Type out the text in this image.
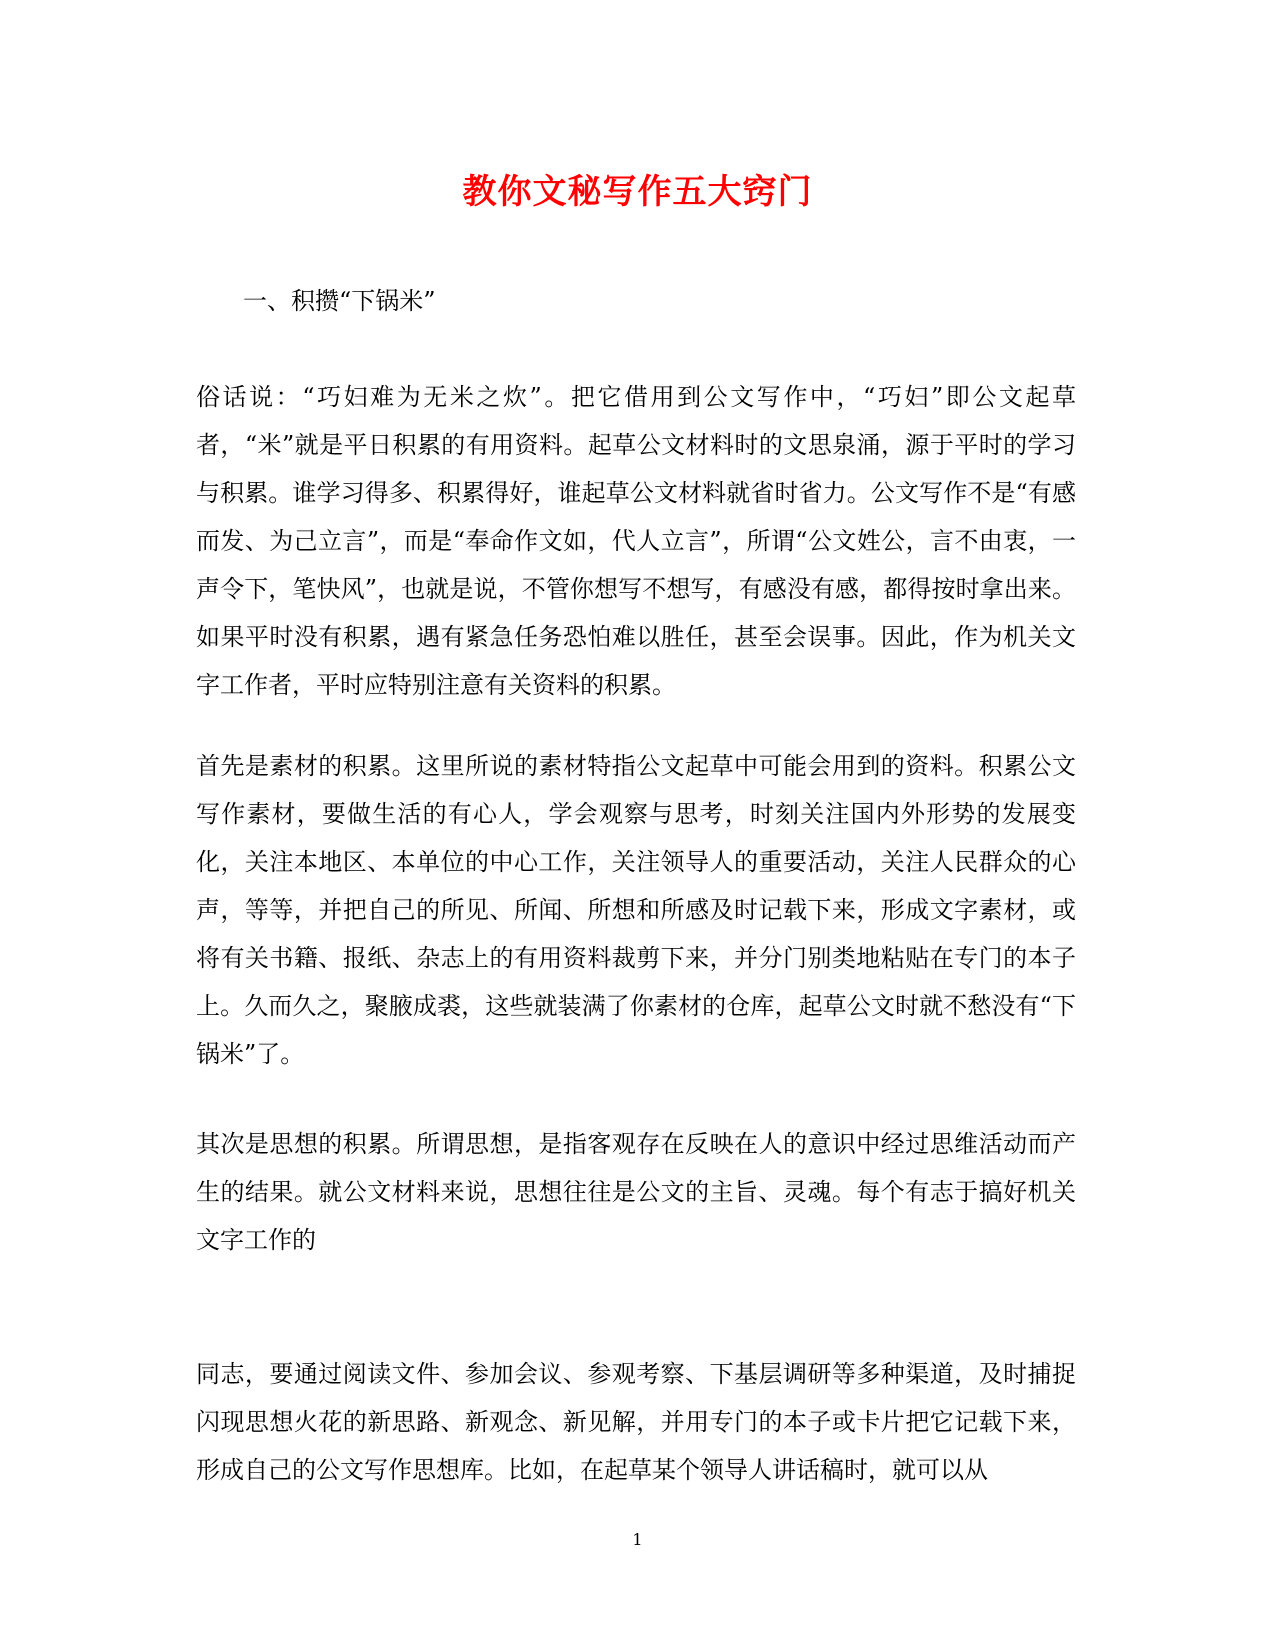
教你文秘写作五大窍门
一、积攒“下锅米”

俗话说：“巧妇难为无米之炊”。把它借用到公文写作中，“巧妇”即公文起草者，“米”就是平日积累的有用资料。起草公文材料时的文思泉涌，源于平时的学习与积累。谁学习得多、积累得好，谁起草公文材料就省时省力。公文写作不是“有感而发、为己立言”，而是“奉命作文如，代人立言”，所谓“公文姓公，言不由衷，一声令下，笔快风”，也就是说，不管你想写不想写，有感没有感，都得按时拿出来。如果平时没有积累，遇有紧急任务恐怕难以胜任，甚至会误事。因此，作为机关文字工作者，平时应特别注意有关资料的积累。

首先是素材的积累。这里所说的素材特指公文起草中可能会用到的资料。积累公文写作素材，要做生活的有心人，学会观察与思考，时刻关注国内外形势的发展变化，关注本地区、本单位的中心工作，关注领导人的重要活动，关注人民群众的心声，等等，并把自己的所见、所闻、所想和所感及时记载下来，形成文字素材，或将有关书籍、报纸、杂志上的有用资料裁剪下来，并分门别类地粘贴在专门的本子上。久而久之，聚腋成裘，这些就装满了你素材的仓库，起草公文时就不愁没有“下锅米”了。

其次是思想的积累。所谓思想，是指客观存在反映在人的意识中经过思维活动而产生的结果。就公文材料来说，思想往往是公文的主旨、灵魂。每个有志于搞好机关文字工作的

同志，要通过阅读文件、参加会议、参观考察、下基层调研等多种渠道，及时捕捉闪现思想火花的新思路、新观念、新见解，并用专门的本子或卡片把它记载下来，形成自己的公文写作思想库。比如，在起草某个领导人讲话稿时，就可以从

1
